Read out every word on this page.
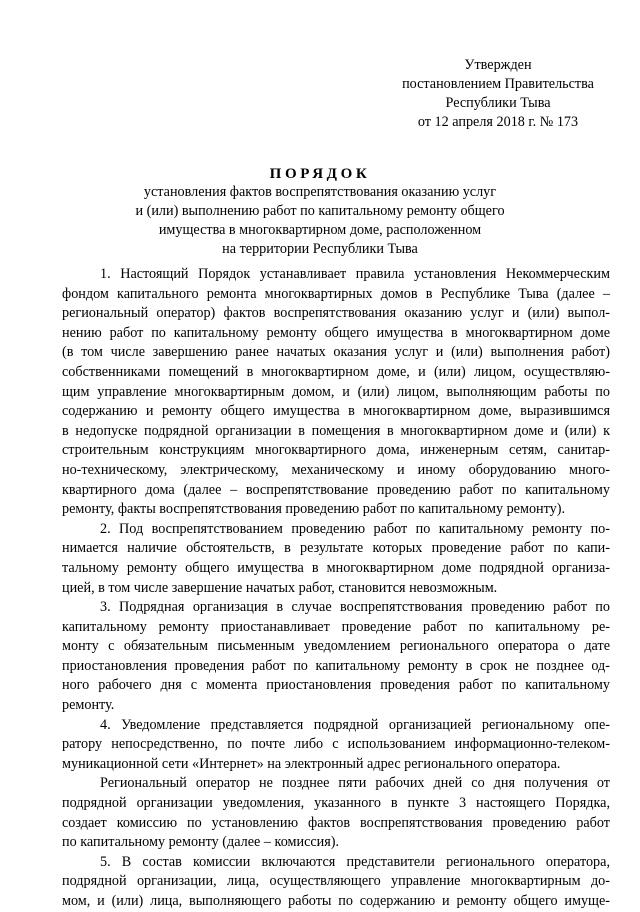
Утвержден
постановлением Правительства
Республики Тыва
от 12 апреля 2018 г. № 173
ПОРЯДОК
установления фактов воспрепятствования оказанию услуг
и (или) выполнению работ по капитальному ремонту общего
имущества в многоквартирном доме, расположенном
на территории Республики Тыва
1. Настоящий Порядок устанавливает правила установления Некоммерческим
фондом капитального ремонта многоквартирных домов в Республике Тыва (далее –
региональный оператор) фактов воспрепятствования оказанию услуг и (или) выпол-
нению работ по капитальному ремонту общего имущества в многоквартирном доме
(в том числе завершению ранее начатых оказания услуг и (или) выполнения работ)
собственниками помещений в многоквартирном доме, и (или) лицом, осуществляю-
щим управление многоквартирным домом, и (или) лицом, выполняющим работы по
содержанию и ремонту общего имущества в многоквартирном доме, выразившимся
в недопуске подрядной организации в помещения в многоквартирном доме и (или) к
строительным конструкциям многоквартирного дома, инженерным сетям, санитар-
но-техническому, электрическому, механическому и иному оборудованию много-
квартирного дома (далее – воспрепятствование проведению работ по капитальному
ремонту, факты воспрепятствования проведению работ по капитальному ремонту).
2. Под воспрепятствованием проведению работ по капитальному ремонту по-
нимается наличие обстоятельств, в результате которых проведение работ по капи-
тальному ремонту общего имущества в многоквартирном доме подрядной организа-
цией, в том числе завершение начатых работ, становится невозможным.
3. Подрядная организация в случае воспрепятствования проведению работ по
капитальному ремонту приостанавливает проведение работ по капитальному ре-
монту с обязательным письменным уведомлением регионального оператора о дате
приостановления проведения работ по капитальному ремонту в срок не позднее од-
ного рабочего дня с момента приостановления проведения работ по капитальному
ремонту.
4. Уведомление представляется подрядной организацией региональному опе-
ратору непосредственно, по почте либо с использованием информационно-телеком-
муникационной сети «Интернет» на электронный адрес регионального оператора.
Региональный оператор не позднее пяти рабочих дней со дня получения от
подрядной организации уведомления, указанного в пункте 3 настоящего Порядка,
создает комиссию по установлению фактов воспрепятствования проведению работ
по капитальному ремонту (далее – комиссия).
5. В состав комиссии включаются представители регионального оператора,
подрядной организации, лица, осуществляющего управление многоквартирным до-
мом, и (или) лица, выполняющего работы по содержанию и ремонту общего имуще-
